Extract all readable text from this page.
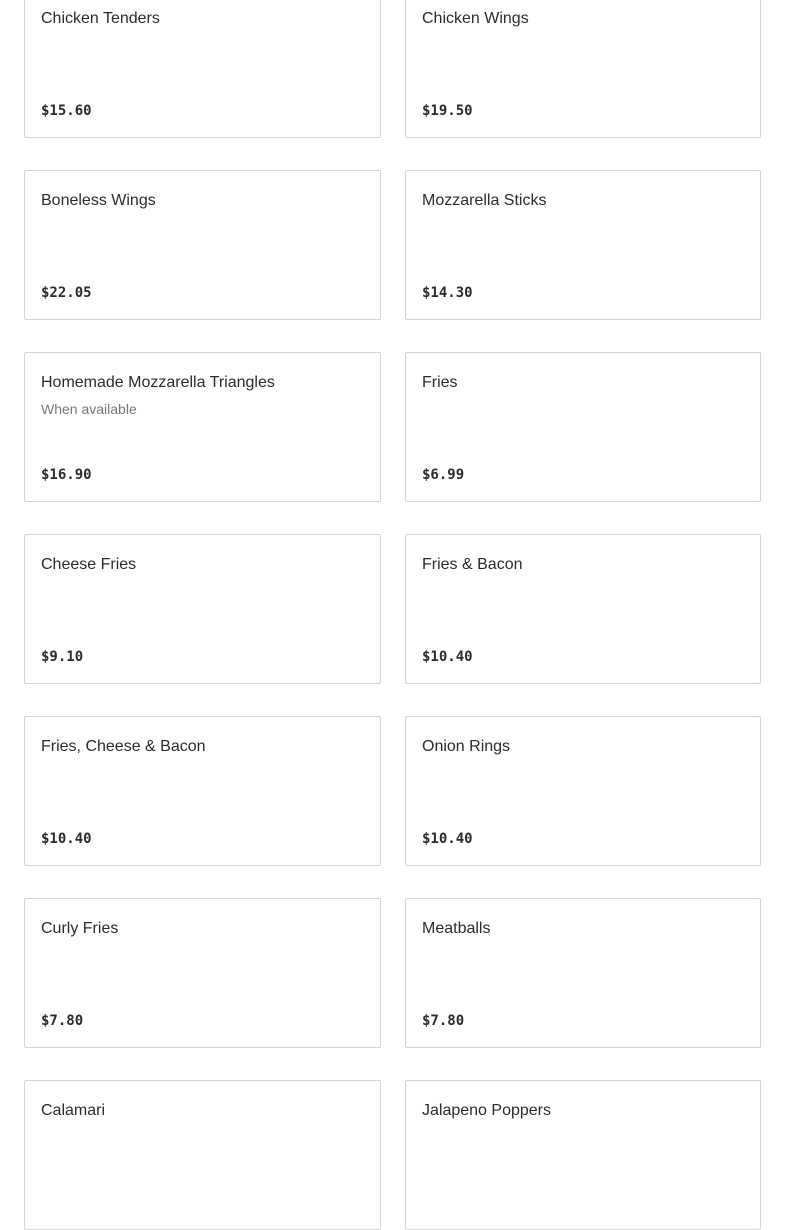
Chicken Tenders
$15.60
Chicken Wings
$19.50
Boneless Wings
$22.05
Mozzarella Sticks
$14.30
Homemade Mozzarella Triangles
When available
$16.90
Fries
$6.99
Cheese Fries
$9.10
Fries & Bacon
$10.40
Fries, Cheese & Bacon
$10.40
Onion Rings
$10.40
Curly Fries
$7.80
Meatballs
$7.80
Calamari	Jalapeno Poppers
